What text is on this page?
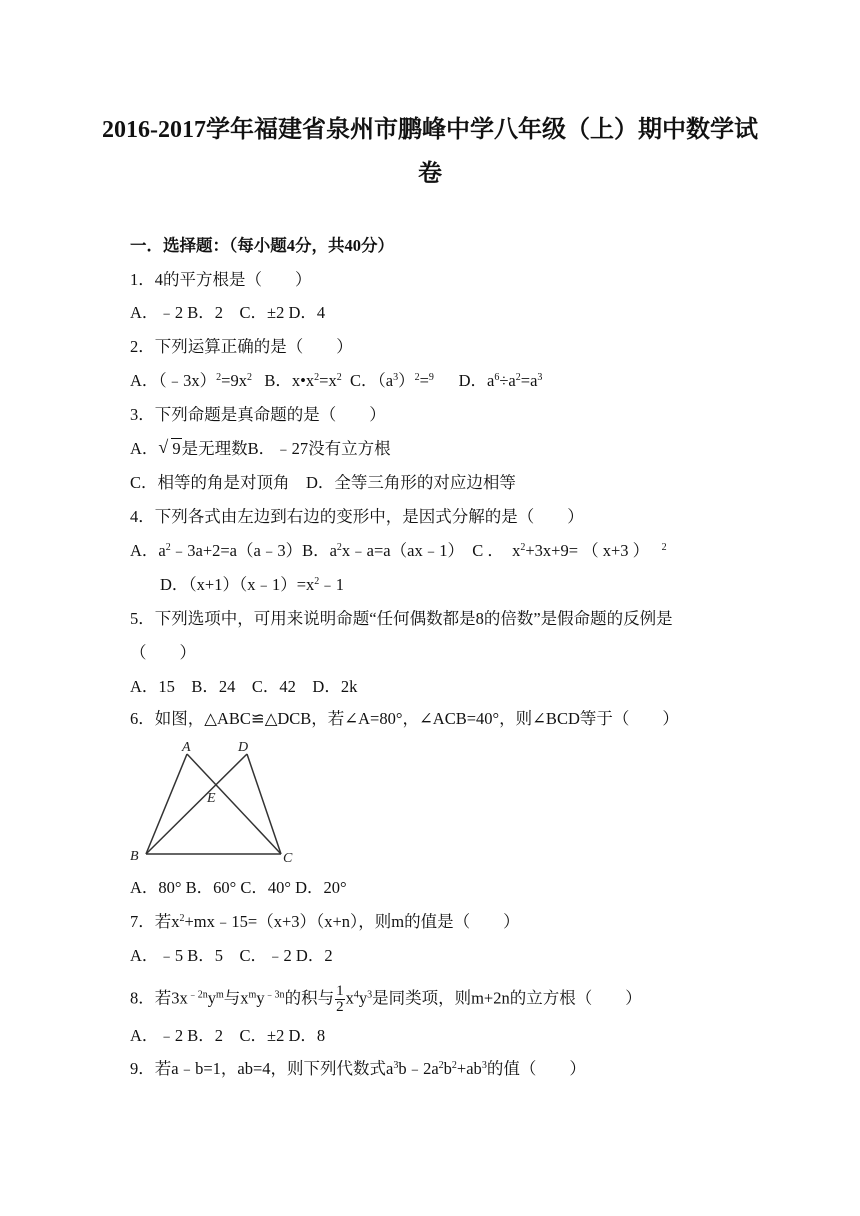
2016-2017学年福建省泉州市鹏峰中学八年级（上）期中数学试
卷
一．选择题：（每小题4分，共40分）
1．4的平方根是（　　）
A．﹣2 B．2　C．±2 D．4
2．下列运算正确的是（　　）
A．$(﹣3x)^2=9x^2$ B．$x•x^2=x^2$ C．$(a^3)^2=^9$ D．$a^6\div a^2=a^3$
3．下列命题是真命题的是（　　）
A．√ 9是无理数B．﹣27没有立方根
C．相等的角是对顶角　D．全等三角形的对应边相等
4．下列各式由左边到右边的变形中，是因式分解的是（　　）
A．$a^2﹣3a+2=a(a﹣3)B$．$a^2x﹣a=a(ax﹣1)$　C ．　$x^2+3x+9=$ （ x+3 ） $^2$
D．$(x+1)(x﹣1)=x^2﹣1$
5．下列选项中，可用来说明命题“任何偶数都是8的倍数”是假命题的反例是
（　　）
A．15　B．24　C．42　D．2k
6．如图，△ABC≌△DCB，若∠A=80°，∠ACB=40°，则∠BCD等于（　　）
A	D
E
B	C
A．80° B．60° C．40° D．20°
7．若$x^2+mx﹣15=(x+3)(x+n)$，则m的值是（　　）
A．﹣5 B．5　C．﹣2 D．2
8．若$3x^{﹣2n}y^m$与$x^my^{﹣3n}$的积与 $\frac{1}{2} x^4y^3$是同类项，则m+2n的立方根（　　）
A．﹣2 B．2　C．±2 D．8
9．若a﹣b=1，ab=4，则下列代数式$a^3b﹣2a^2b^2+ab^3$的值（　　）
